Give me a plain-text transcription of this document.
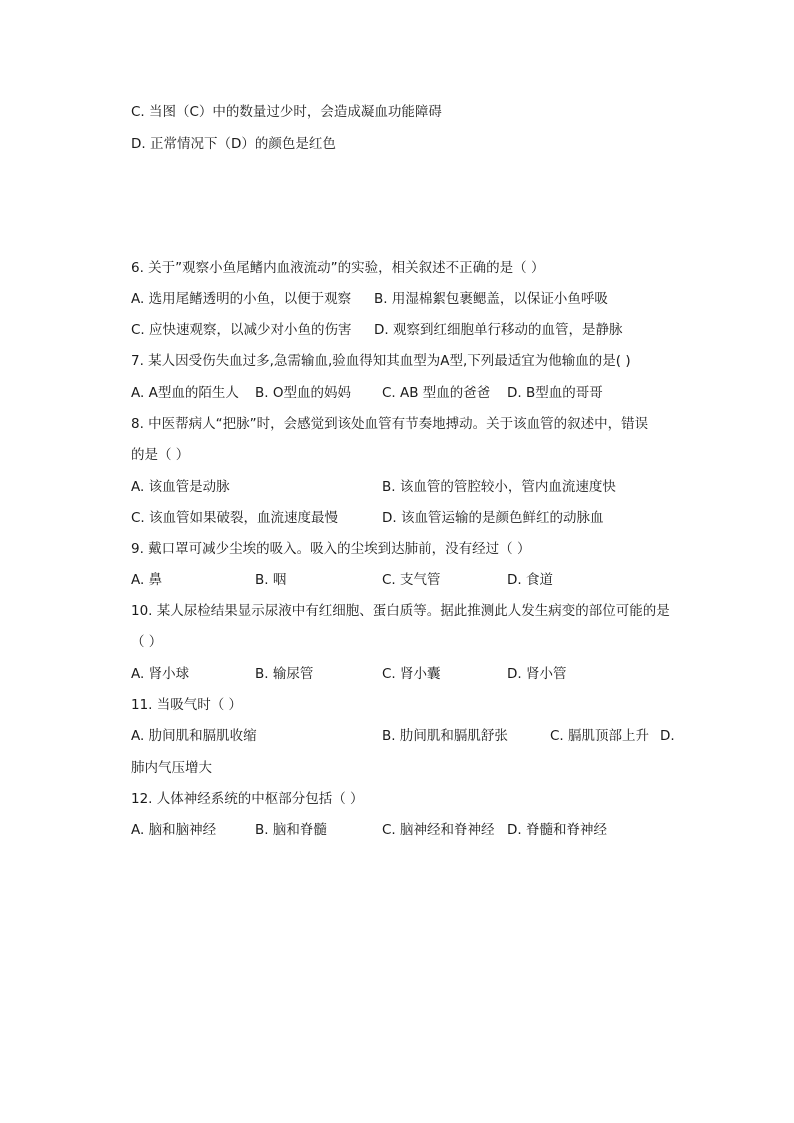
C. 当图（C）中的数量过少时，会造成凝血功能障碍
D. 正常情况下（D）的颜色是红色
6. 关于”观察小鱼尾鳍内血液流动”的实验，相关叙述不正确的是（ ）
A. 选用尾鳍透明的小鱼，以便于观察 B. 用湿棉絮包裹鳃盖，以保证小鱼呼吸
C. 应快速观察，以减少对小鱼的伤害 D. 观察到红细胞单行移动的血管，是静脉
7. 某人因受伤失血过多,急需输血,验血得知其血型为A型,下列最适宜为他输血的是( )
A. A型血的陌生人 B. O型血的妈妈 C. AB 型血的爸爸 D. B型血的哥哥
8. 中医帮病人“把脉”时，会感觉到该处血管有节奏地搏动。关于该血管的叙述中，错误
的是（ ）
A. 该血管是动脉	B. 该血管的管腔较小，管内血流速度快
C. 该血管如果破裂，血流速度最慢	D. 该血管运输的是颜色鲜红的动脉血
9. 戴口罩可减少尘埃的吸入。吸入的尘埃到达肺前，没有经过（ ）
A. 鼻	B. 咽	C. 支气管	D. 食道
10. 某人尿检结果显示尿液中有红细胞、蛋白质等。据此推测此人发生病变的部位可能的是
（ ）
A. 肾小球	B. 输尿管	C. 肾小囊	D. 肾小管
11. 当吸气时（ ）
A. 肋间肌和膈肌收缩	B. 肋间肌和膈肌舒张	C. 膈肌顶部上升 D.
肺内气压增大
12. 人体神经系统的中枢部分包括（ ）
A. 脑和脑神经	B. 脑和脊髓	C. 脑神经和脊神经 D. 脊髓和脊神经
